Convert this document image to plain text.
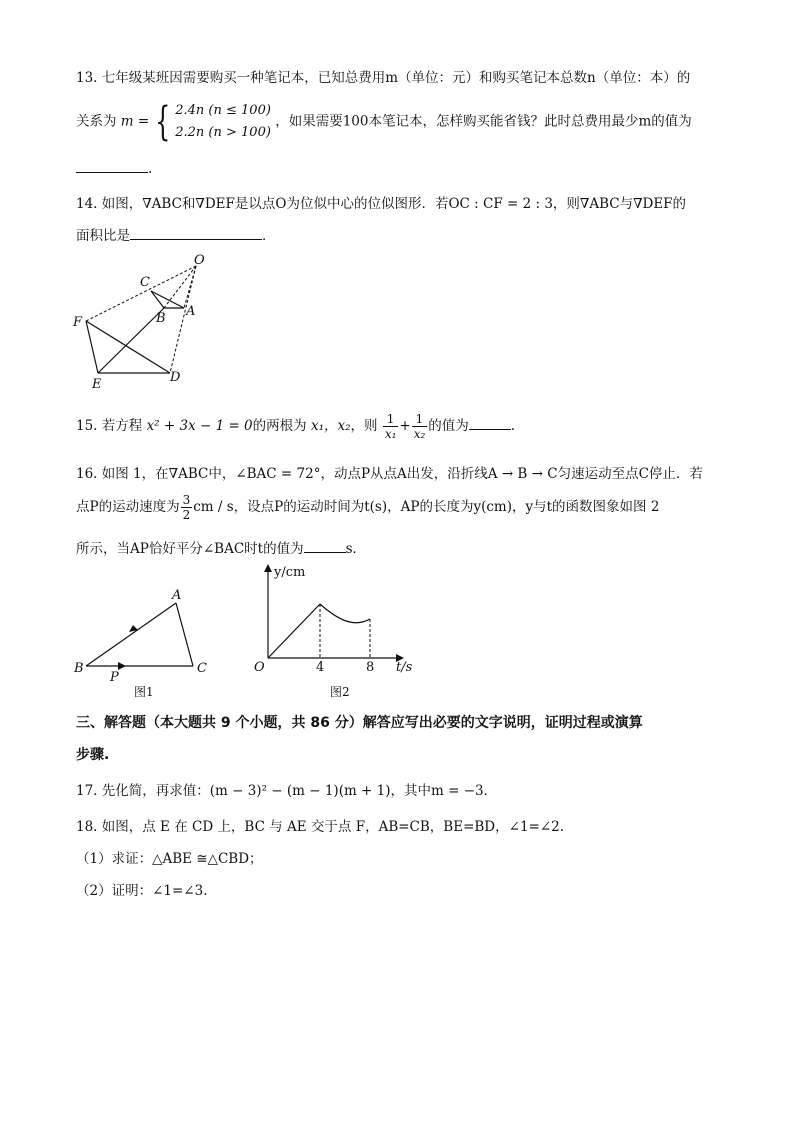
13. 七年级某班因需要购买一种笔记本，已知总费用m（单位：元）和购买笔记本总数n（单位：本）的
关系为 m = { 2.4n (n ≤ 100)
2.2n (n > 100)
，如果需要100本笔记本，怎样购买能省钱？此时总费用最少m的值为
.
14. 如图，∇ABC和∇DEF是以点O为位似中心的位似图形．若OC : CF = 2 : 3，则∇ABC与∇DEF的
面积比是	．
O
C
B A
F
E	D
15. 若方程 x² + 3x − 1 = 0的两根为 x₁，x₂，则 $\frac{1}{\text{x₁}} + \frac{1}{\text{x₂}}$ 的值为	.
16. 如图 1，在∇ABC中，∠BAC = 72°，动点P从点A出发，沿折线A → B → C匀速运动至点C停止．若
点P的运动速度为 $\frac{3}{2}$ cm / s，设点P的运动时间为t(s)，AP的长度为y(cm)，y与t的函数图象如图 2
所示，当AP恰好平分∠BAC时t的值为	s．
A
B	C
P
图1
y/cm
t/s
O	4	8
图2
三、解答题（本大题共 9 个小题，共 86 分）解答应写出必要的文字说明，证明过程或演算
步骤.
17. 先化简，再求值：(m − 3)² − (m − 1)(m + 1)，其中m = −3．
18. 如图，点 E 在 CD 上，BC 与 AE 交于点 F，AB=CB，BE=BD，∠1=∠2.
（1）求证：△ABE ≅△CBD；
（2）证明：∠1=∠3.
